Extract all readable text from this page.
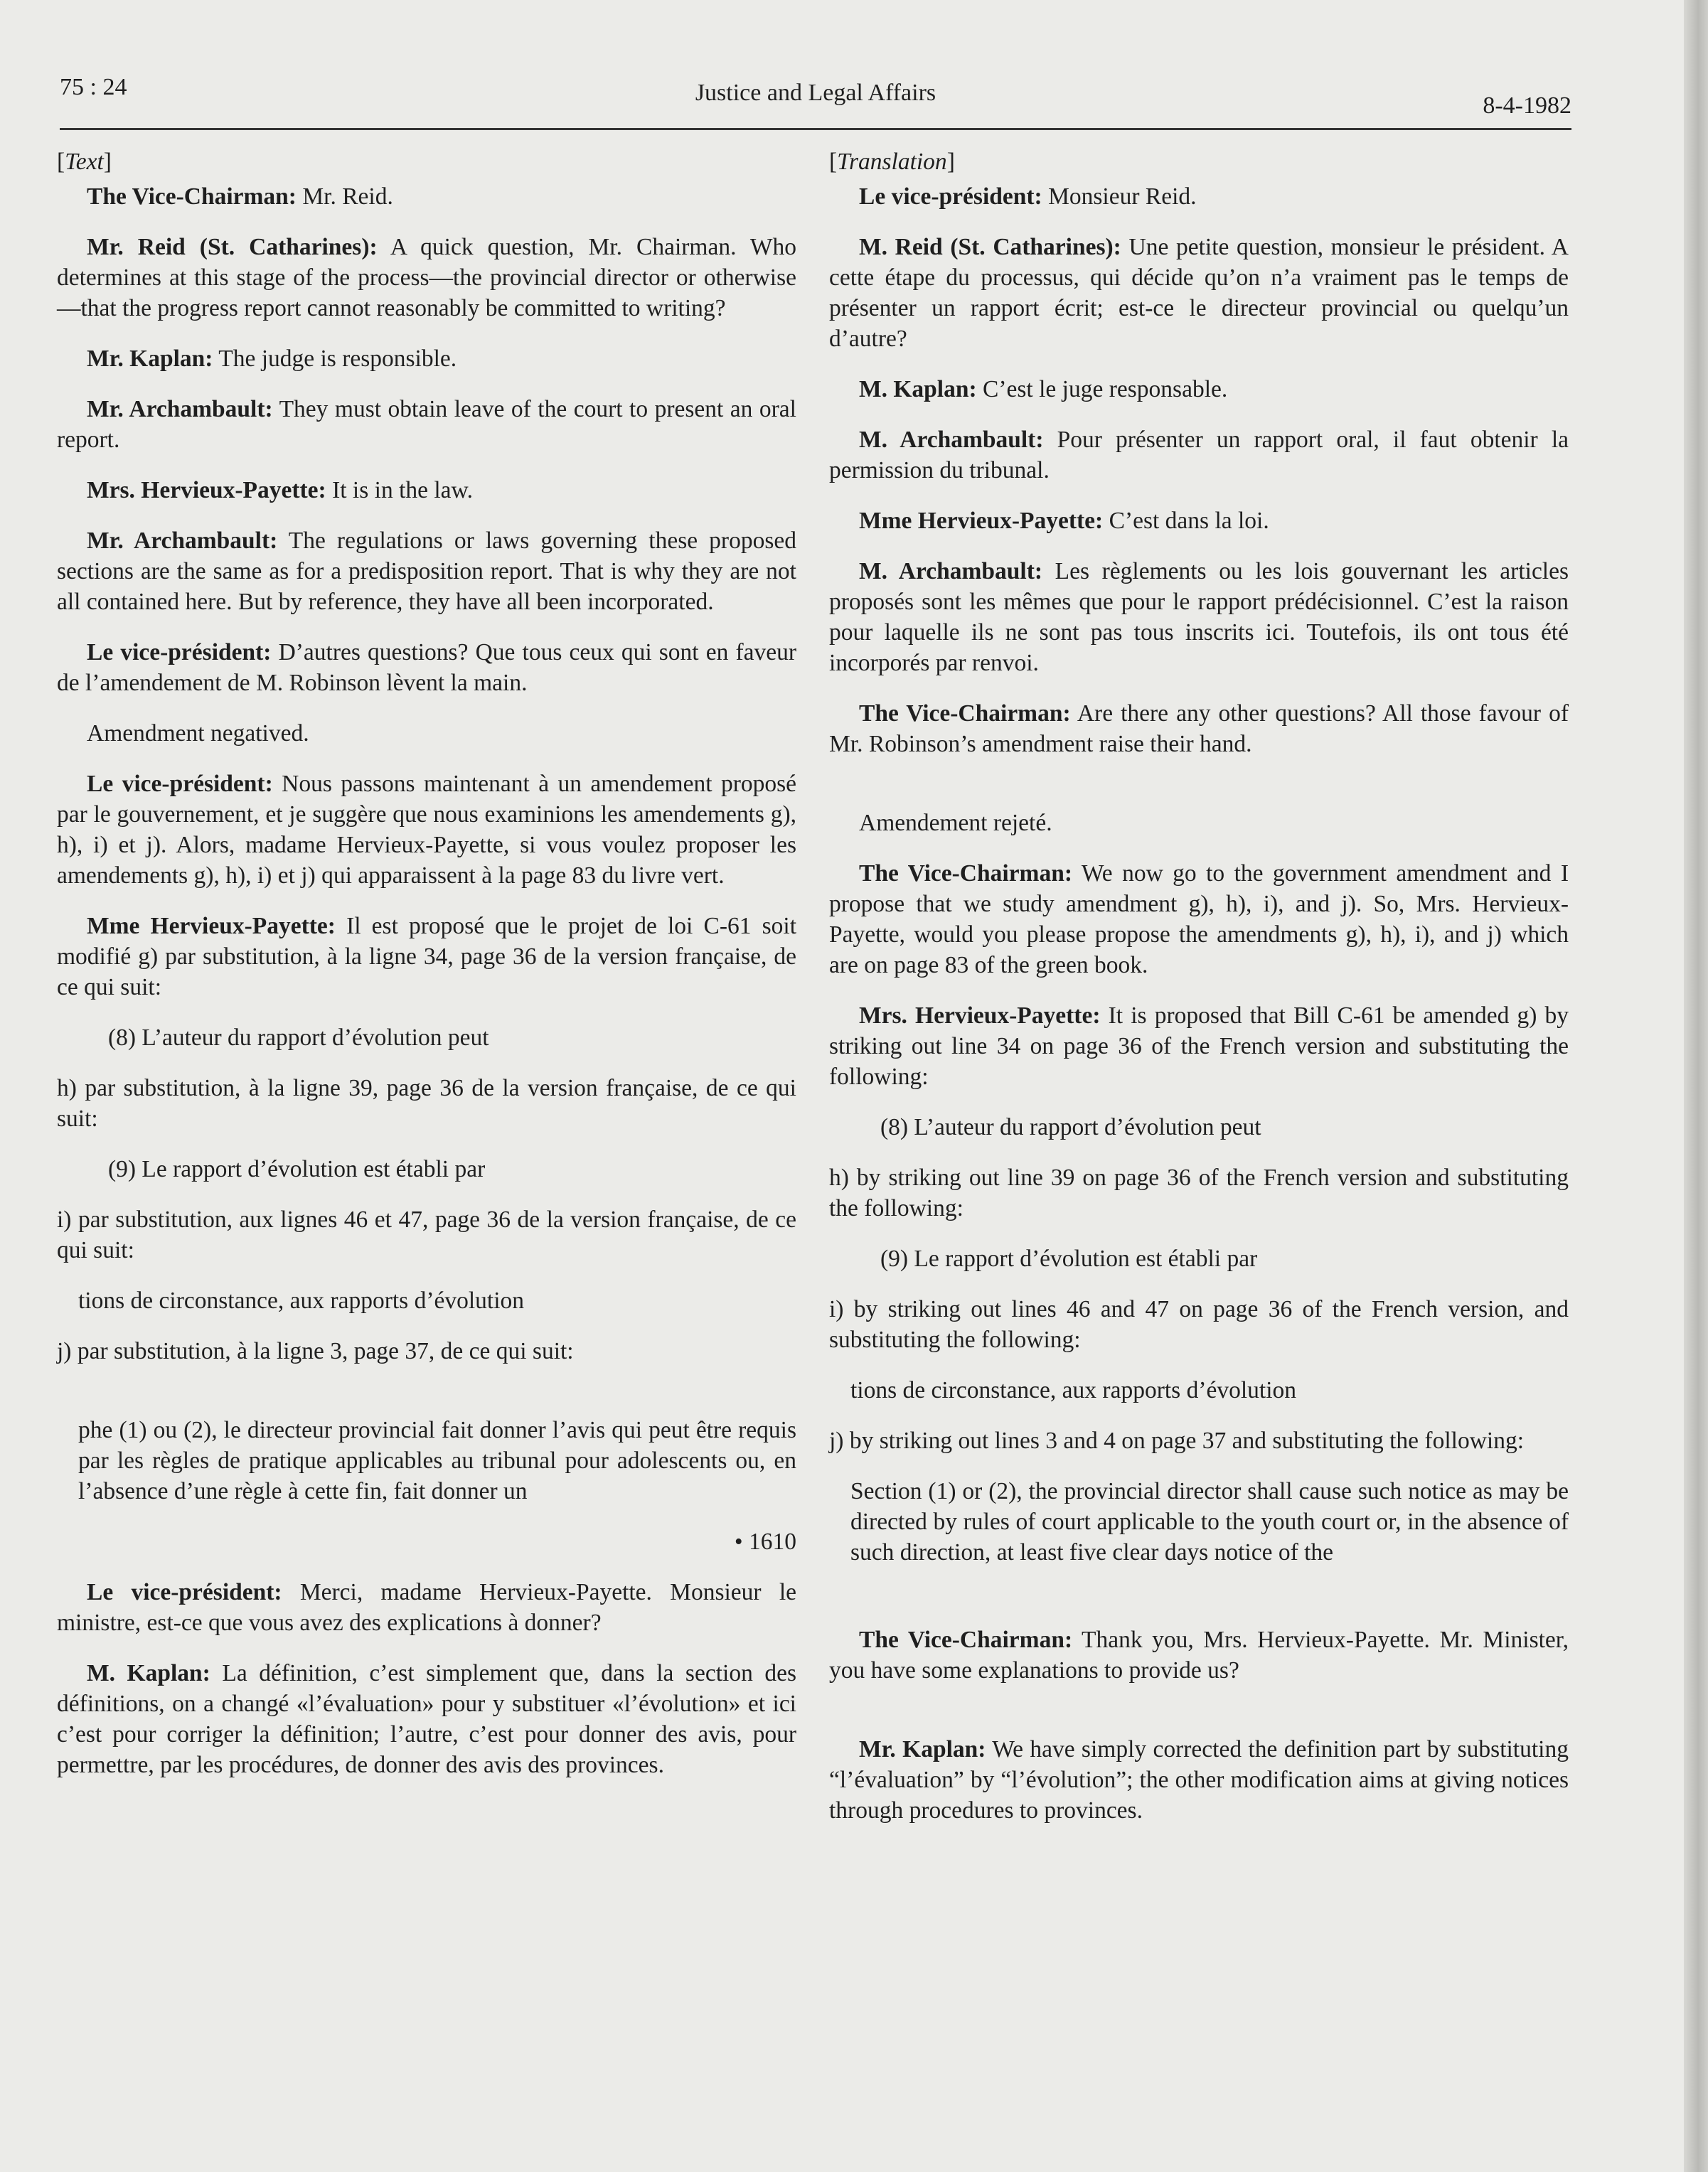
75 : 24	Justice and Legal Affairs	8-4-1982

[Text]

The Vice-Chairman: Mr. Reid.

Mr. Reid (St. Catharines): A quick question, Mr. Chairman. Who determines at this stage of the process—the provincial director or otherwise—that the progress report cannot reasonably be committed to writing?

Mr. Kaplan: The judge is responsible.

Mr. Archambault: They must obtain leave of the court to present an oral report.

Mrs. Hervieux-Payette: It is in the law.

Mr. Archambault: The regulations or laws governing these proposed sections are the same as for a predisposition report. That is why they are not all contained here. But by reference, they have all been incorporated.

Le vice-président: D’autres questions? Que tous ceux qui sont en faveur de l’amendement de M. Robinson lèvent la main.

Amendment negatived.

Le vice-président: Nous passons maintenant à un amendement proposé par le gouvernement, et je suggère que nous examinions les amendements g), h), i) et j). Alors, madame Hervieux-Payette, si vous voulez proposer les amendements g), h), i) et j) qui apparaissent à la page 83 du livre vert.

Mme Hervieux-Payette: Il est proposé que le projet de loi C-61 soit modifié g) par substitution, à la ligne 34, page 36 de la version française, de ce qui suit:

(8) L’auteur du rapport d’évolution peut

h) par substitution, à la ligne 39, page 36 de la version française, de ce qui suit:

(9) Le rapport d’évolution est établi par

i) par substitution, aux lignes 46 et 47, page 36 de la version française, de ce qui suit:

tions de circonstance, aux rapports d’évolution

j) par substitution, à la ligne 3, page 37, de ce qui suit:

phe (1) ou (2), le directeur provincial fait donner l’avis qui peut être requis par les règles de pratique applicables au tribunal pour adolescents ou, en l’absence d’une règle à cette fin, fait donner un

• 1610

Le vice-président: Merci, madame Hervieux-Payette. Monsieur le ministre, est-ce que vous avez des explications à donner?

M. Kaplan: La définition, c’est simplement que, dans la section des définitions, on a changé «l’évaluation» pour y substituer «l’évolution» et ici c’est pour corriger la définition; l’autre, c’est pour donner des avis, pour permettre, par les procédures, de donner des avis des provinces.

[Translation]

Le vice-président: Monsieur Reid.

M. Reid (St. Catharines): Une petite question, monsieur le président. A cette étape du processus, qui décide qu’on n’a vraiment pas le temps de présenter un rapport écrit; est-ce le directeur provincial ou quelqu’un d’autre?

M. Kaplan: C’est le juge responsable.

M. Archambault: Pour présenter un rapport oral, il faut obtenir la permission du tribunal.

Mme Hervieux-Payette: C’est dans la loi.

M. Archambault: Les règlements ou les lois gouvernant les articles proposés sont les mêmes que pour le rapport prédécisionnel. C’est la raison pour laquelle ils ne sont pas tous inscrits ici. Toutefois, ils ont tous été incorporés par renvoi.

The Vice-Chairman: Are there any other questions? All those favour of Mr. Robinson’s amendment raise their hand.

Amendement rejeté.

The Vice-Chairman: We now go to the government amendment and I propose that we study amendment g), h), i), and j). So, Mrs. Hervieux-Payette, would you please propose the amendments g), h), i), and j) which are on page 83 of the green book.

Mrs. Hervieux-Payette: It is proposed that Bill C-61 be amended g) by striking out line 34 on page 36 of the French version and substituting the following:

(8) L’auteur du rapport d’évolution peut

h) by striking out line 39 on page 36 of the French version and substituting the following:

(9) Le rapport d’évolution est établi par

i) by striking out lines 46 and 47 on page 36 of the French version, and substituting the following:

tions de circonstance, aux rapports d’évolution

j) by striking out lines 3 and 4 on page 37 and substituting the following:

Section (1) or (2), the provincial director shall cause such notice as may be directed by rules of court applicable to the youth court or, in the absence of such direction, at least five clear days notice of the

The Vice-Chairman: Thank you, Mrs. Hervieux-Payette. Mr. Minister, you have some explanations to provide us?

Mr. Kaplan: We have simply corrected the definition part by substituting “l’évaluation” by “l’évolution”; the other modification aims at giving notices through procedures to provinces.
